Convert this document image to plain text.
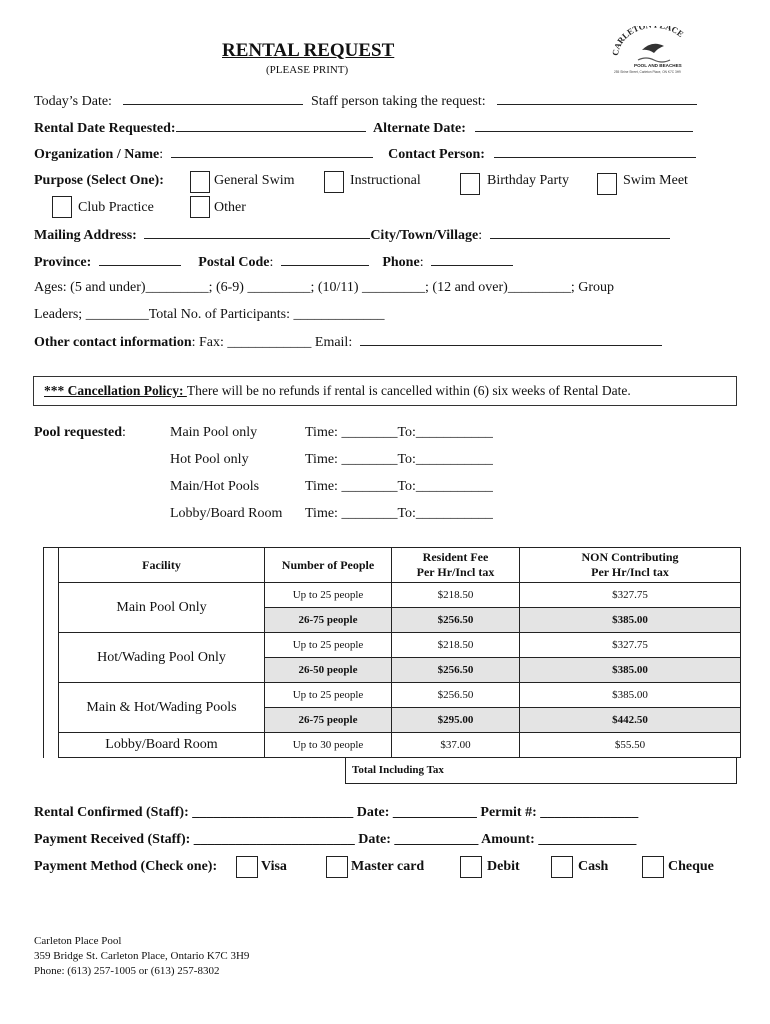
RENTAL REQUEST
(PLEASE PRINT)
CARLETO ACE
POOL AND BEACHES
255 Shine Street, Carleton Place, ON K7C 3H9
Today’s Date:	Staff person taking the request:
Rental Date Requested:	Alternate Date:
Organization / Name:	Contact Person:
Purpose (Select One):	General Swim	Instructional	Birthday Party	Swim Meet
Club Practice	Other
Mailing Address:	City/Town/Village:
Province:	Postal Code:	Phone:
Ages: (5 and under)_________; (6-9) _________; (10/11) _________; (12 and over)_________; Group
Leaders; _________Total No. of Participants: _____________
Other contact information: Fax: ____________ Email:
*** Cancellation Policy: There will be no refunds if rental is cancelled within (6) six weeks of Rental Date.
Pool requested:	Main Pool only	Time: ________To:___________
Hot Pool only	Time: ________To:___________
Main/Hot Pools	Time: ________To:___________
Lobby/Board Room Time: ________To:___________
	Facility	Number of People	Resident Fee
Per Hr/Incl tax	NON Contributing
Per Hr/Incl tax
	Main Pool Only	Up to 25 people	$218.50	$327.75
		26-75 people	$256.50	$385.00
	Hot/Wading Pool Only	Up to 25 people	$218.50	$327.75
		26-50 people	$256.50	$385.00
	Main & Hot/Wading Pools	Up to 25 people	$256.50	$385.00
		26-75 people	$295.00	$442.50
	Lobby/Board Room	Up to 30 people	$37.00	$55.50
Total Including Tax
Rental Confirmed (Staff): _______________________ Date: ____________ Permit #: ______________
Payment Received (Staff): _______________________ Date: ____________ Amount: ______________
Payment Method (Check one):	Visa	Master card	Debit	Cash	Cheque
Carleton Place Pool
359 Bridge St. Carleton Place, Ontario K7C 3H9
Phone: (613) 257-1005 or (613) 257-8302
